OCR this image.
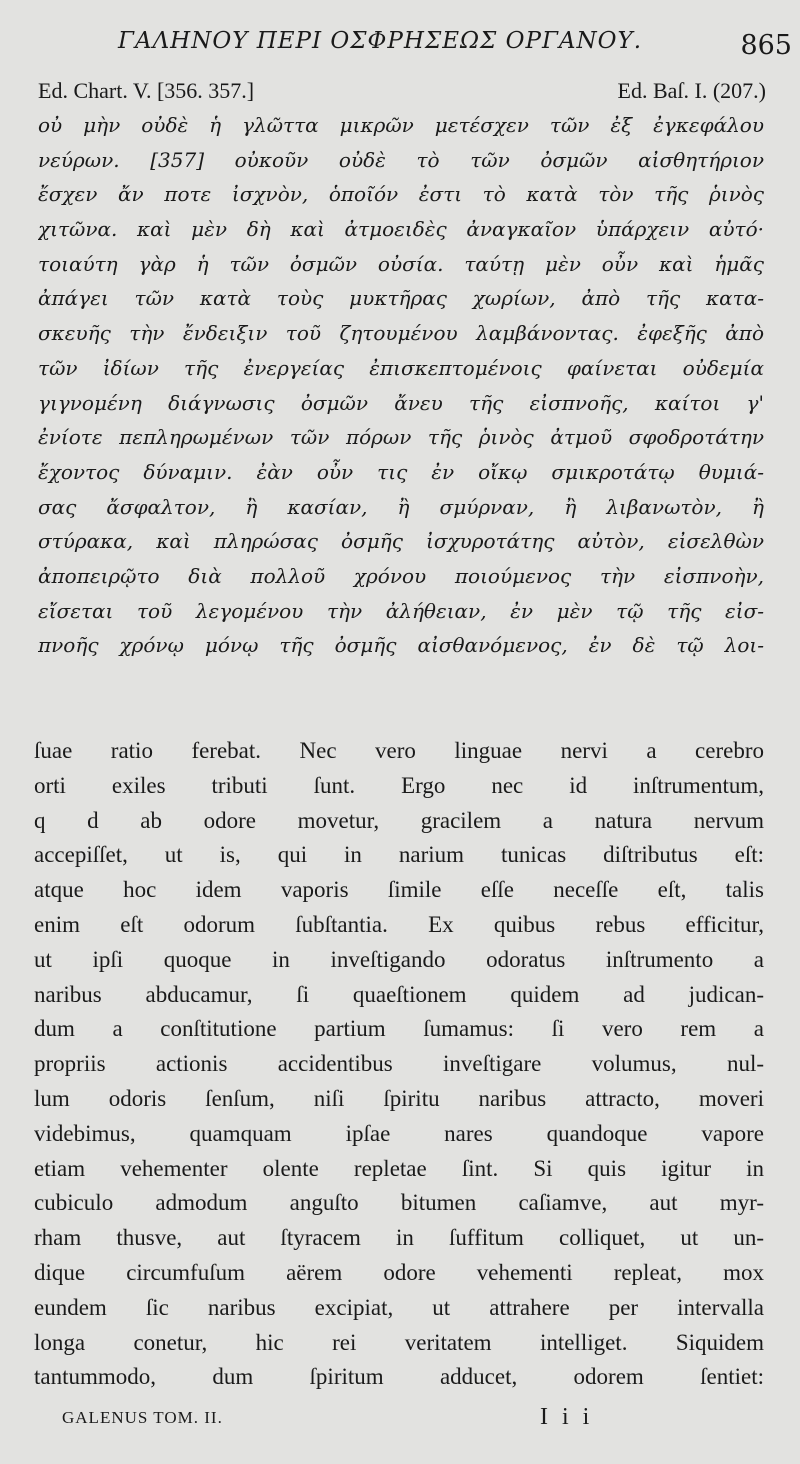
ΓΑΛΗΝΟΥ ΠΕΡΙ ΟΣΦΡΗΣΕΩΣ ΟΡΓΑΝΟΥ.	865
Ed. Chart. V. [356. 357.]	Ed. Baſ. I. (207.)
οὐ μὴν οὐδὲ ἡ γλῶττα μικρῶν μετέσχεν τῶν ἐξ ἐγκεφάλου
νεύρων. [357] οὐκοῦν οὐδὲ τὸ τῶν ὀσμῶν αἰσθητήριον
ἔσχεν ἄν ποτε ἰσχνὸν, ὁποῖόν ἐστι τὸ κατὰ τὸν τῆς ῥινὸς
χιτῶνα. καὶ μὲν δὴ καὶ ἀτμοειδὲς ἀναγκαῖον ὑπάρχειν αὐτό·
τοιαύτη γὰρ ἡ τῶν ὀσμῶν οὐσία. ταύτῃ μὲν οὖν καὶ ἡμᾶς
ἀπάγει τῶν κατὰ τοὺς μυκτῆρας χωρίων, ἀπὸ τῆς κατα-
σκευῆς τὴν ἔνδειξιν τοῦ ζητουμένου λαμβάνοντας. ἐφεξῆς ἀπὸ
τῶν ἰδίων τῆς ἐνεργείας ἐπισκεπτομένοις φαίνεται οὐδεμία
γιγνομένη διάγνωσις ὀσμῶν ἄνευ τῆς εἰσπνοῆς, καίτοι γ'
ἐνίοτε πεπληρωμένων τῶν πόρων τῆς ῥινὸς ἀτμοῦ σφοδροτάτην
ἔχοντος δύναμιν. ἐὰν οὖν τις ἐν οἴκῳ σμικροτάτῳ θυμιά-
σας ἄσφαλτον, ἢ κασίαν, ἢ σμύρναν, ἢ λιβανωτὸν, ἢ
στύρακα, καὶ πληρώσας ὀσμῆς ἰσχυροτάτης αὐτὸν, εἰσελθὼν
ἀποπειρῷτο διὰ πολλοῦ χρόνου ποιούμενος τὴν εἰσπνοὴν,
εἴσεται τοῦ λεγομένου τὴν ἀλήθειαν, ἐν μὲν τῷ τῆς εἰσ-
πνοῆς χρόνῳ μόνῳ τῆς ὀσμῆς αἰσθανόμενος, ἐν δὲ τῷ λοι-
ſuae ratio ferebat. Nec vero linguae nervi a cerebro
orti exiles tributi ſunt. Ergo nec id inſtrumentum,
q d ab odore movetur, gracilem a natura nervum
accepiſſet, ut is, qui in narium tunicas diſtributus eſt:
atque hoc idem vaporis ſimile eſſe neceſſe eſt, talis
enim eſt odorum ſubſtantia. Ex quibus rebus efficitur,
ut ipſi quoque in inveſtigando odoratus inſtrumento a
naribus abducamur, ſi quaeſtionem quidem ad judican-
dum a conſtitutione partium ſumamus: ſi vero rem a
propriis actionis accidentibus inveſtigare volumus, nul-
lum odoris ſenſum, niſi ſpiritu naribus attracto, moveri
videbimus, quamquam ipſae nares quandoque vapore
etiam vehementer olente repletae ſint. Si quis igitur in
cubiculo admodum anguſto bitumen caſiamve, aut myr-
rham thusve, aut ſtyracem in ſuffitum colliquet, ut un-
dique circumfuſum aërem odore vehementi repleat, mox
eundem ſic naribus excipiat, ut attrahere per intervalla
longa conetur, hic rei veritatem intelliget. Siquidem
tantummodo, dum ſpiritum adducet, odorem ſentiet:
GALENUS TOM. II.	I i i
